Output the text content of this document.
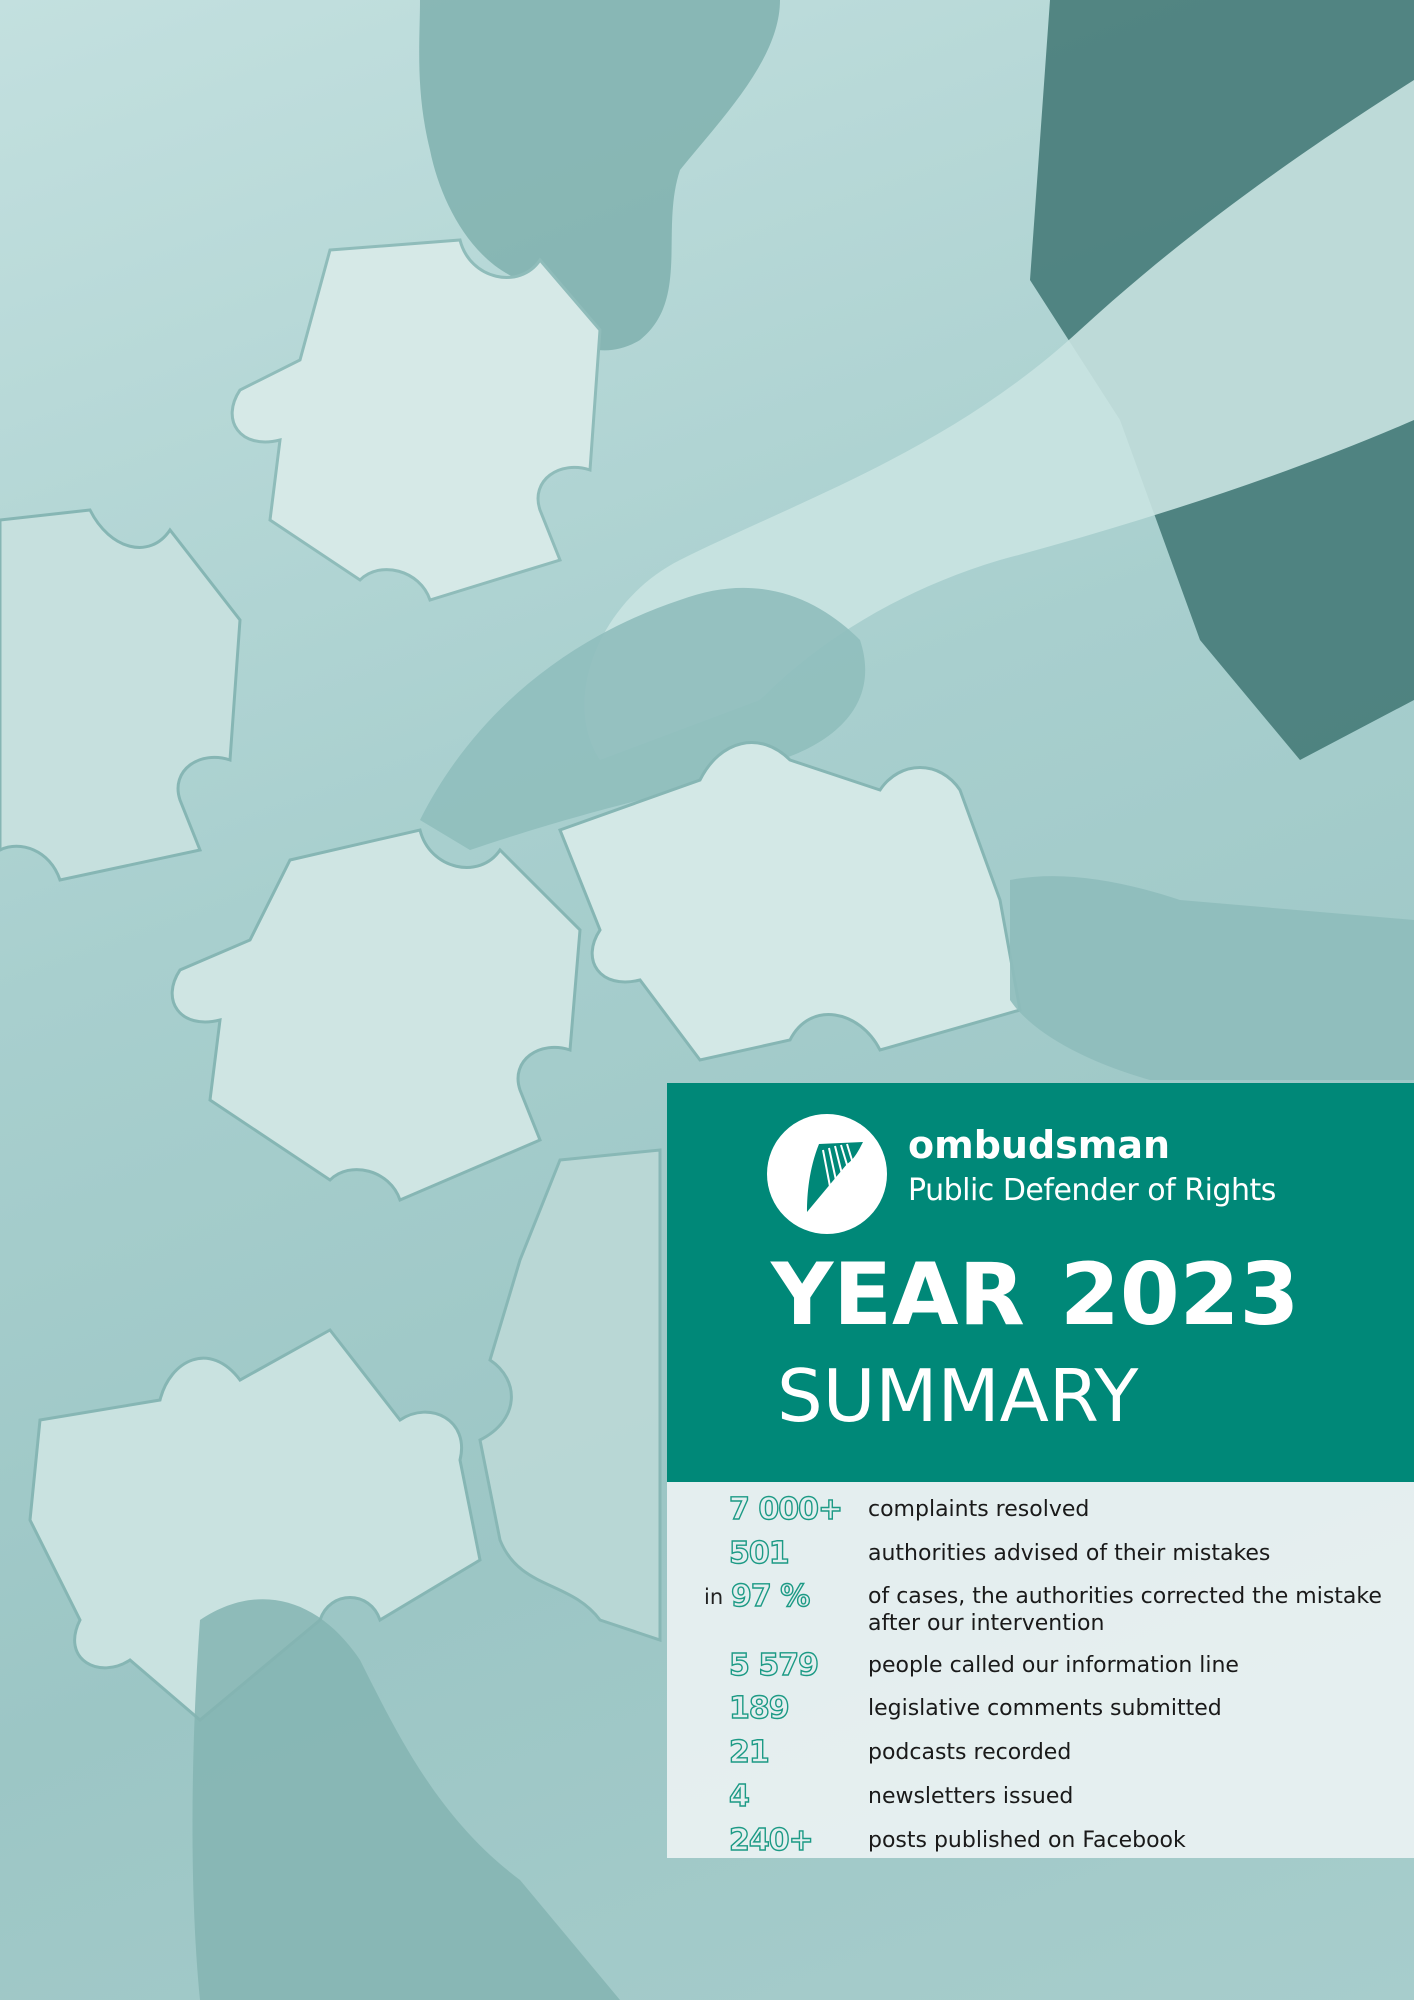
ombudsman
Public Defender of Rights
YEAR 2023
SUMMARY
7 000+ complaints resolved
501	authorities advised of their mistakes
in 97 %	of cases, the authorities corrected the mistake after our intervention
5 579 people called our information line
189	legislative comments submitted
21	podcasts recorded
4	newsletters issued
240+	posts published on Facebook
